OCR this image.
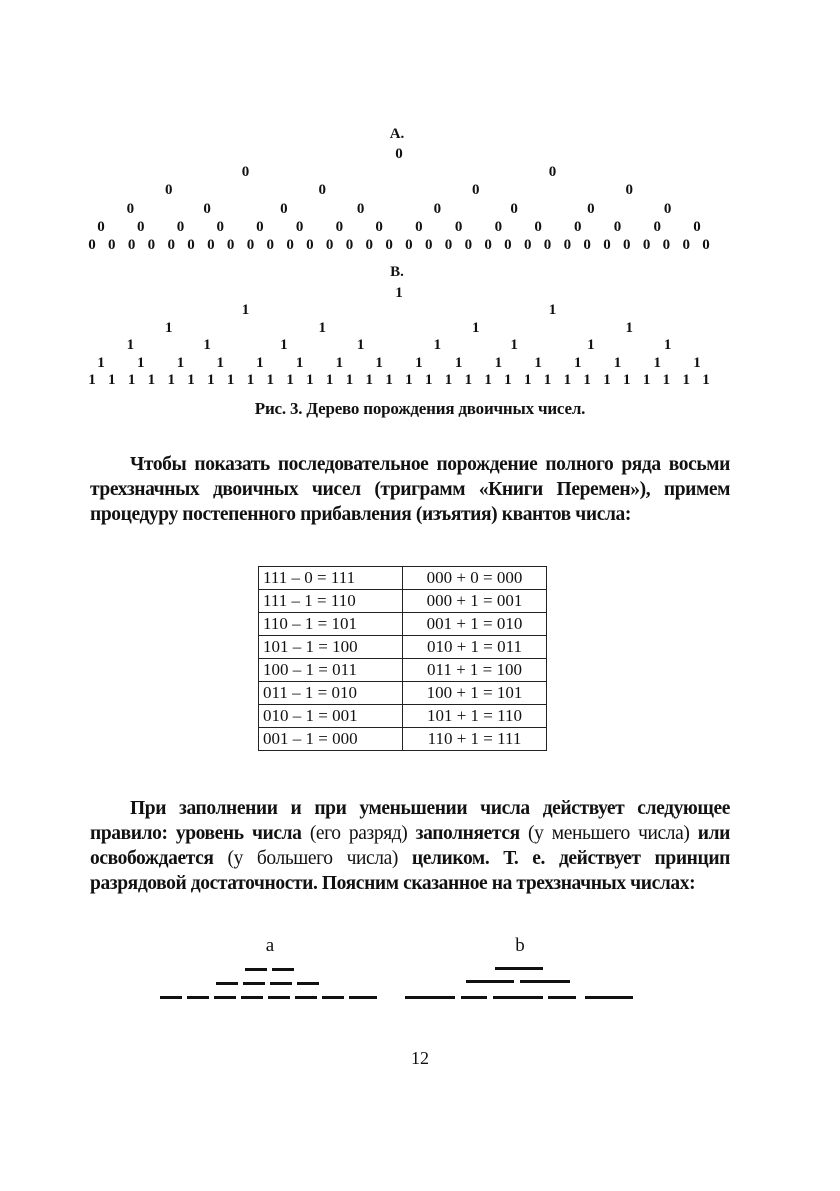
A.
0
0	0
0	0	0	0
0	0	0	0	0	0	0	0
0 0 0 0 0 0 0 0 0 0 0 0 0 0 0 0
0 0 0 0 0 0 0 0 0 0 0 0 0 0 0 0 0 0 0 0 0 0 0 0 0 0 0 0 0 0 0 0
B.
1
1	1
1	1	1	1
1	1	1	1	1	1	1	1
1 1 1 1 1 1 1 1 1 1 1 1 1 1 1 1
1 1 1 1 1 1 1 1 1 1 1 1 1 1 1 1 1 1 1 1 1 1 1 1 1 1 1 1 1 1 1 1
Рис. 3. Дерево порождения двоичных чисел.
Чтобы показать последовательное порождение полного ряда восьми трехзначных двоичных чисел (триграмм «Книги Перемен»), примем процедуру постепенного прибавления (изъятия) квантов числа:
111 – 0 = 111	000 + 0 = 000
111 – 1 = 110	000 + 1 = 001
110 – 1 = 101	001 + 1 = 010
101 – 1 = 100	010 + 1 = 011
100 – 1 = 011	011 + 1 = 100
011 – 1 = 010	100 + 1 = 101
010 – 1 = 001	101 + 1 = 110
001 – 1 = 000	110 + 1 = 111
При заполнении и при уменьшении числа действует следующее правило: уровень числа (его разряд) заполняется (у меньшего числа) или освобождается (у большего числа) целиком. Т. е. действует принцип разрядовой достаточности. Поясним сказанное на трехзначных числах:
a	b
12
